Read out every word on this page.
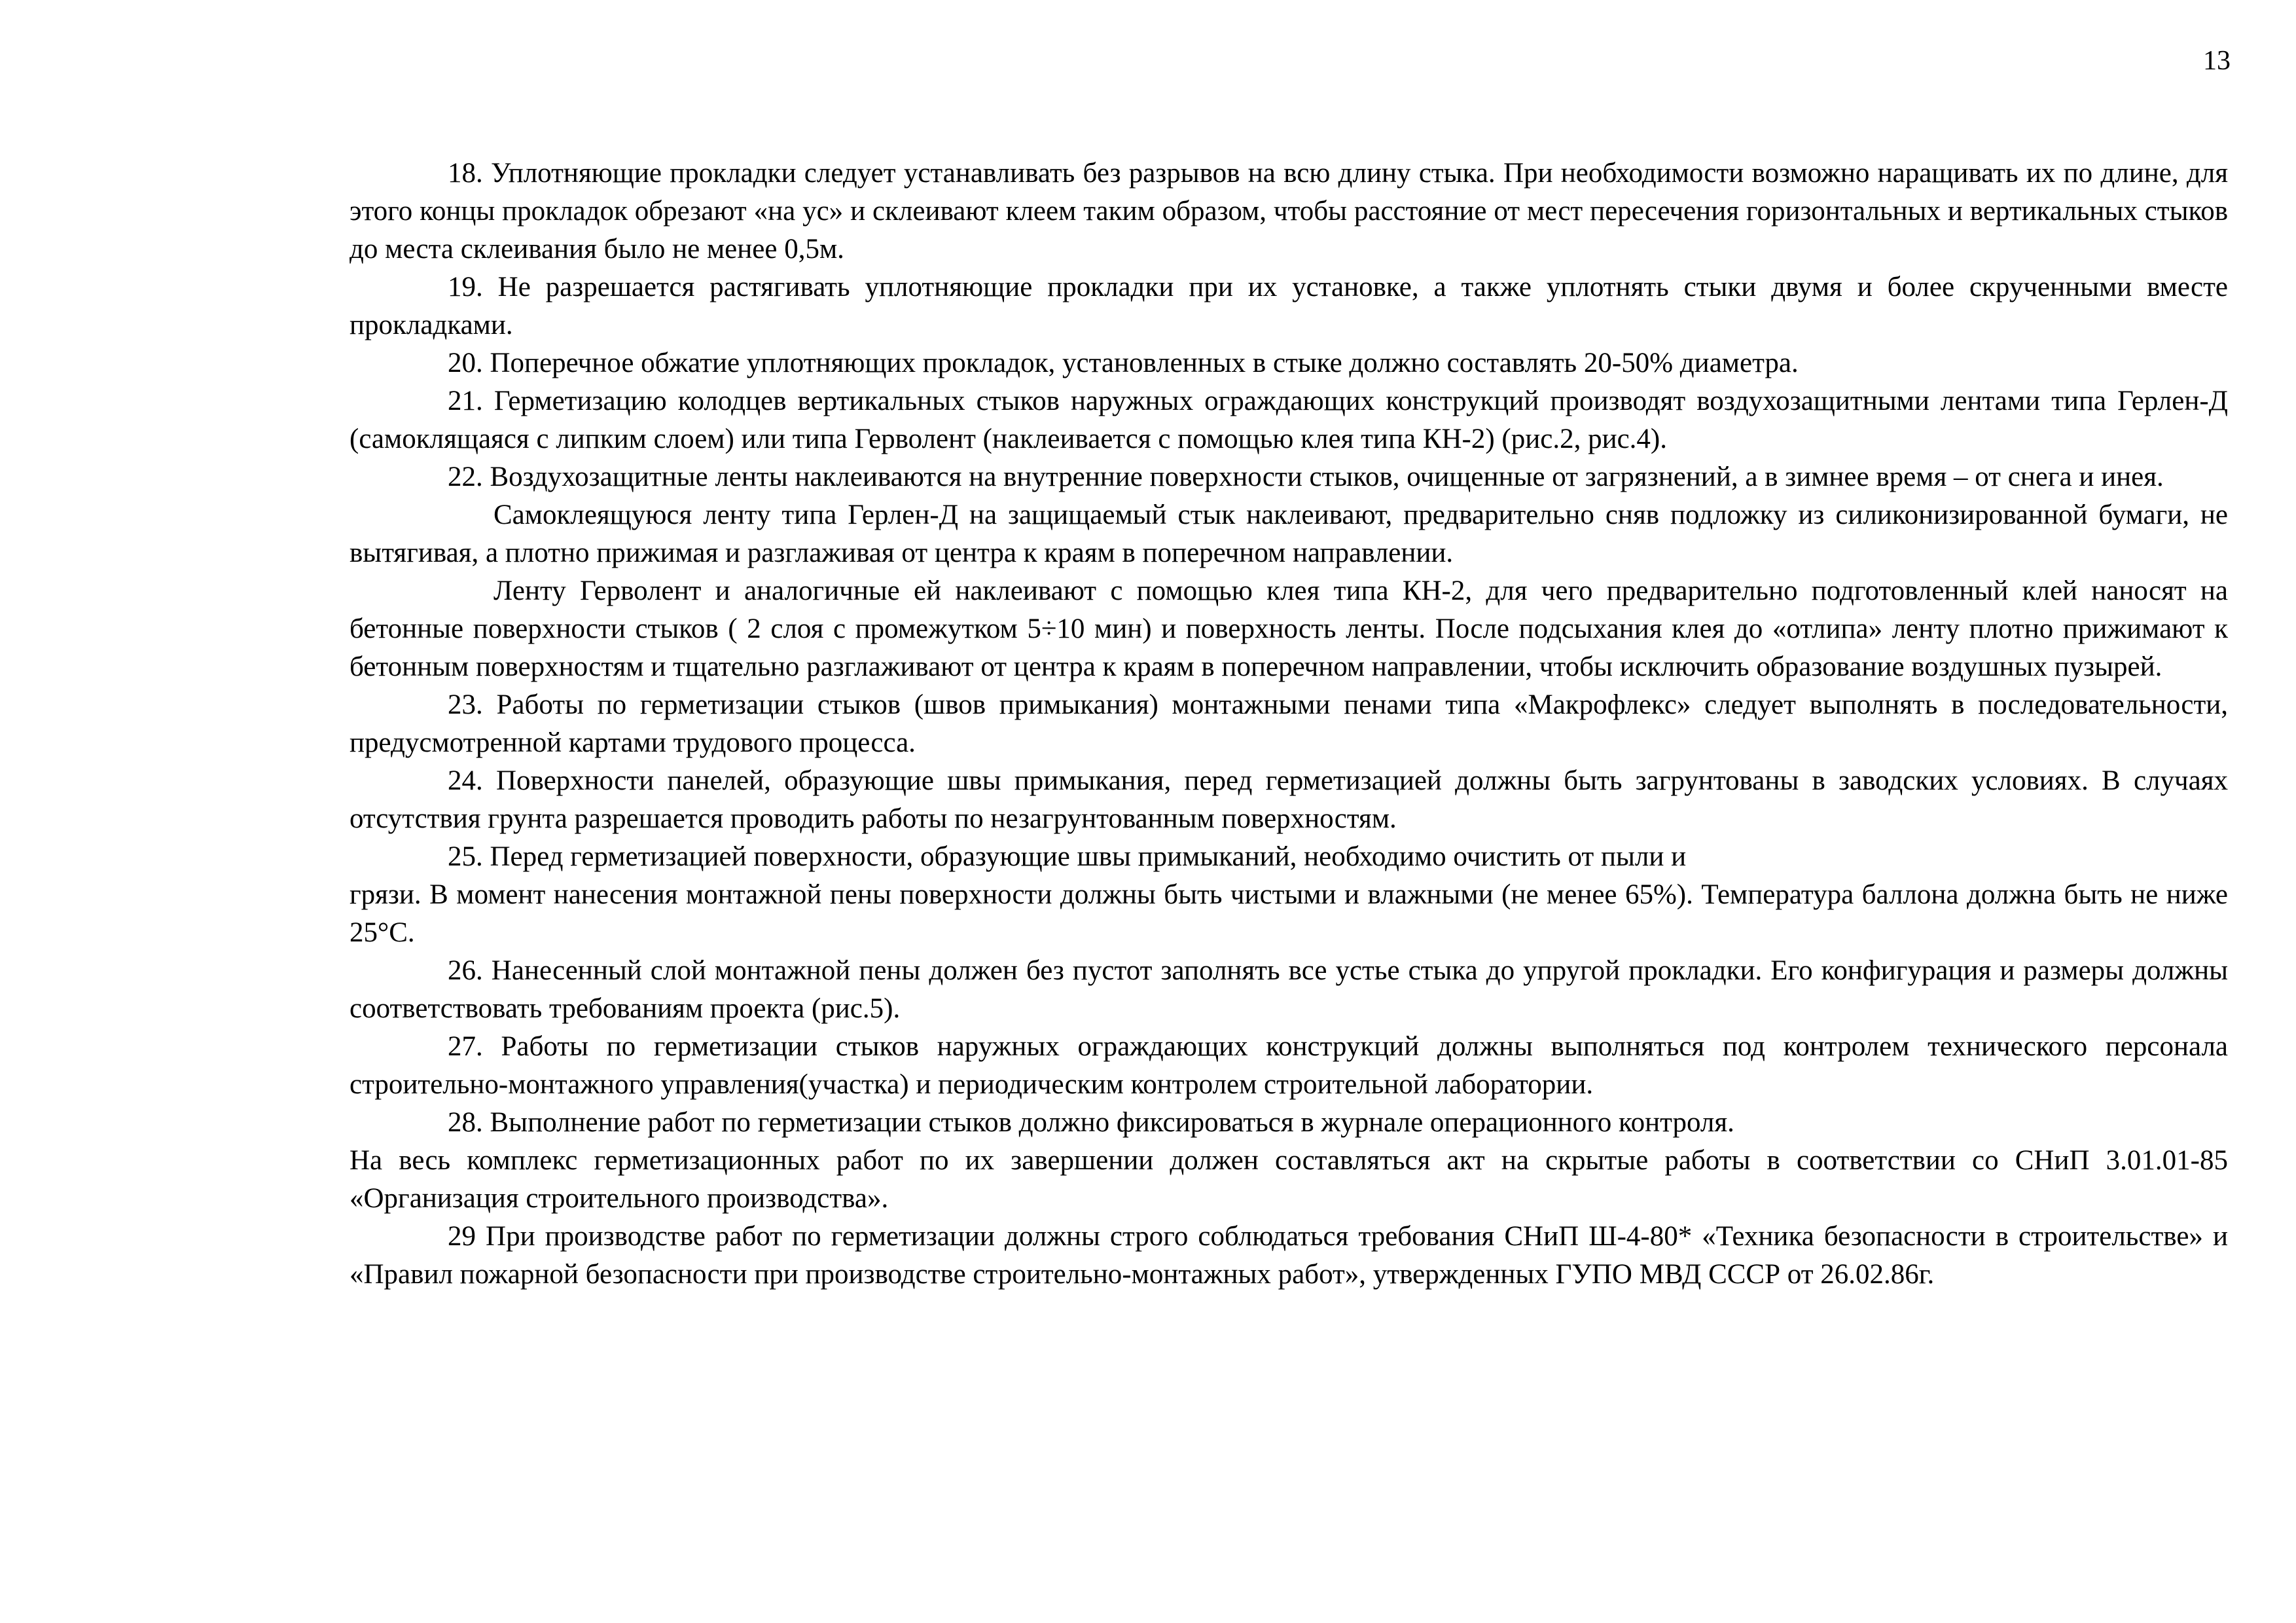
13

18. Уплотняющие прокладки следует устанавливать без разрывов на всю длину стыка. При необходимости возможно наращивать их по длине, для этого концы прокладок обрезают «на ус» и склеивают клеем таким образом, чтобы расстояние от мест пересечения горизонтальных и вертикальных стыков до места склеивания было не менее 0,5м.

19. Не разрешается растягивать уплотняющие прокладки при их установке, а также уплотнять стыки двумя и более скрученными вместе прокладками.

20. Поперечное обжатие уплотняющих прокладок, установленных в стыке должно составлять 20-50% диаметра.

21. Герметизацию колодцев вертикальных стыков наружных ограждающих конструкций производят воздухозащитными лентами типа Герлен-Д (самоклящаяся с липким слоем) или типа Герволент (наклеивается с помощью клея типа КН-2) (рис.2, рис.4).

22. Воздухозащитные ленты наклеиваются на внутренние поверхности стыков, очищенные от загрязнений, а в зимнее время – от снега и инея.

Самоклеящуюся ленту типа Герлен-Д на защищаемый стык наклеивают, предварительно сняв подложку из силиконизированной бумаги, не вытягивая, а плотно прижимая и разглаживая от центра к краям в поперечном направлении.

Ленту Герволент и аналогичные ей наклеивают с помощью клея типа КН-2, для чего предварительно подготовленный клей наносят на бетонные поверхности стыков ( 2 слоя с промежутком 5÷10 мин) и поверхность ленты. После подсыхания клея до «отлипа» ленту плотно прижимают к бетонным поверхностям и тщательно разглаживают от центра к краям в поперечном направлении, чтобы исключить образование воздушных пузырей.

23. Работы по герметизации стыков (швов примыкания) монтажными пенами типа «Макрофлекс» следует выполнять в последовательности, предусмотренной картами трудового процесса.

24. Поверхности панелей, образующие швы примыкания, перед герметизацией должны быть загрунтованы в заводских условиях. В случаях отсутствия грунта разрешается проводить работы по незагрунтованным поверхностям.

25. Перед герметизацией поверхности, образующие швы примыканий, необходимо очистить от пыли и

грязи. В момент нанесения монтажной пены поверхности должны быть чистыми и влажными (не менее 65%). Температура баллона должна быть не ниже 25°С.

26. Нанесенный слой монтажной пены должен без пустот заполнять все устье стыка до упругой прокладки. Его конфигурация и размеры должны соответствовать требованиям проекта (рис.5).

27. Работы по герметизации стыков наружных ограждающих конструкций должны выполняться под контролем технического персонала строительно-монтажного управления(участка) и периодическим контролем строительной лаборатории.

28. Выполнение работ по герметизации стыков должно фиксироваться в журнале операционного контроля.

На весь комплекс герметизационных работ по их завершении должен составляться акт на скрытые работы в соответствии со СНиП 3.01.01-85 «Организация строительного производства».

29 При производстве работ по герметизации должны строго соблюдаться требования СНиП Ш-4-80* «Техника безопасности в строительстве» и «Правил пожарной безопасности при производстве строительно-монтажных работ», утвержденных ГУПО МВД СССР от 26.02.86г.
